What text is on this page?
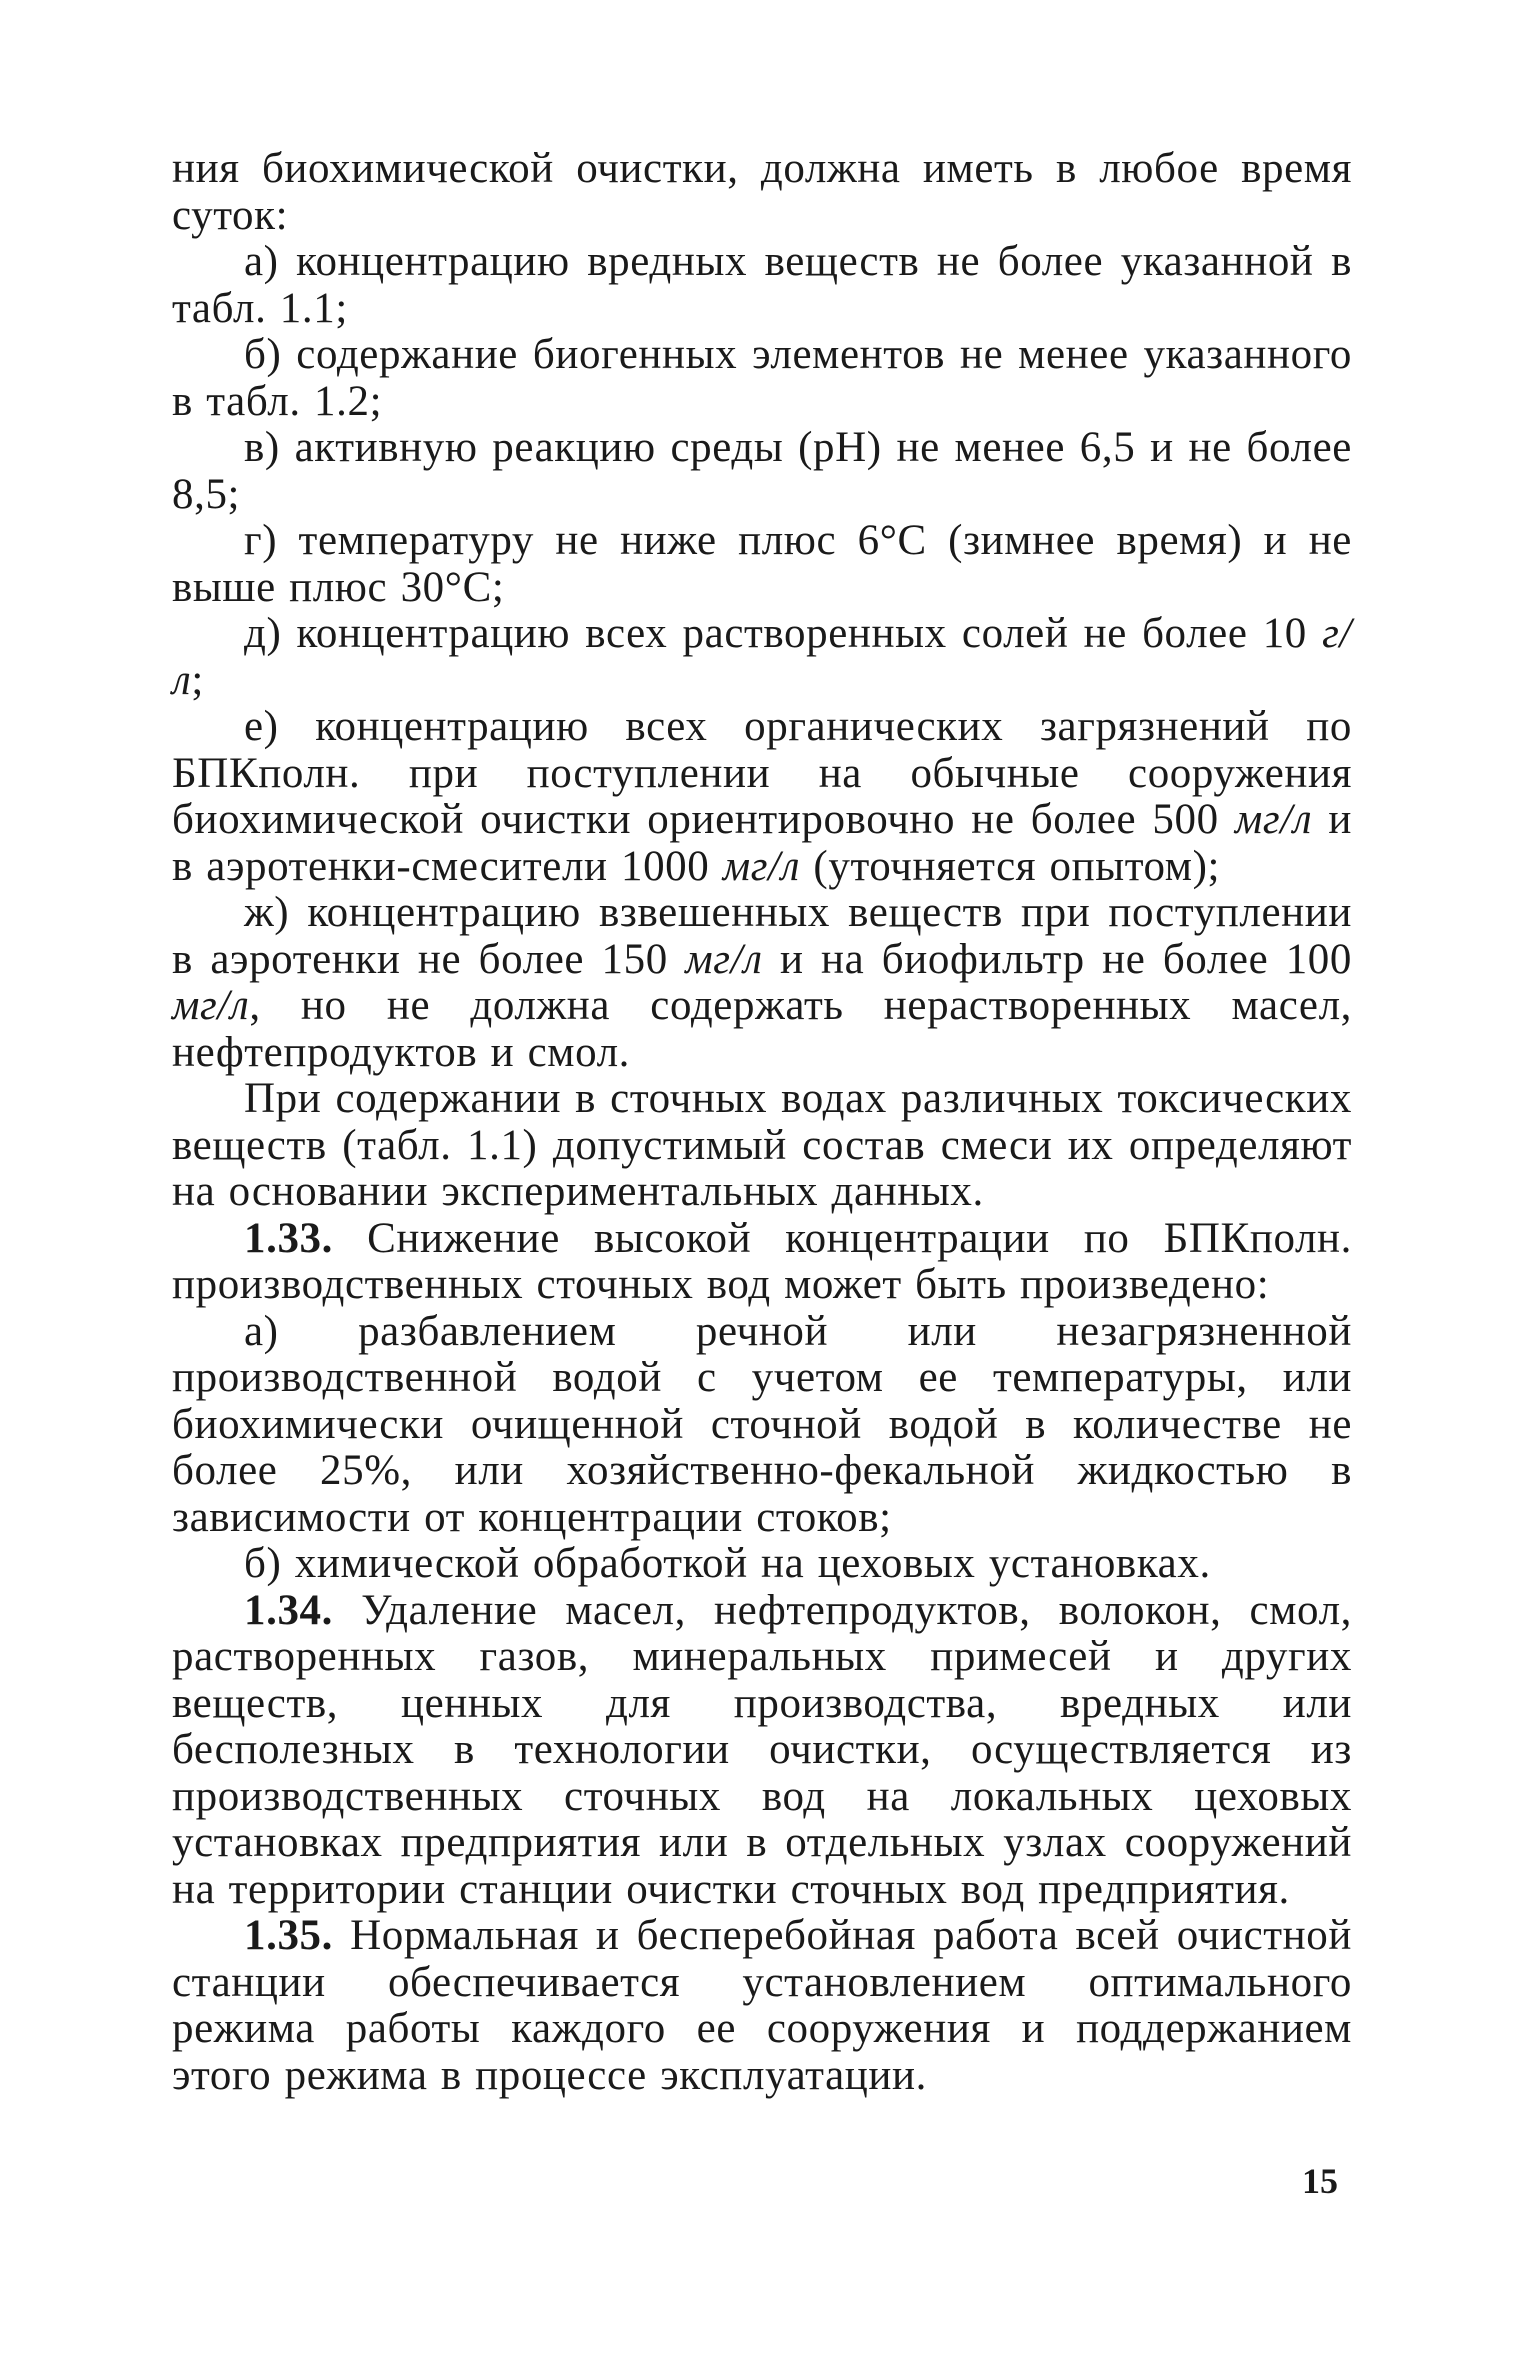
ния биохимической очистки, должна иметь в любое время суток:

а) концентрацию вредных веществ не более указанной в табл. 1.1;

б) содержание биогенных элементов не менее указанного в табл. 1.2;

в) активную реакцию среды (pH) не менее 6,5 и не более 8,5;

г) температуру не ниже плюс 6°С (зимнее время) и не выше плюс 30°С;

д) концентрацию всех растворенных солей не более 10 г/л;

е) концентрацию всех органических загрязнений по БПКполн. при поступлении на обычные сооружения биохимической очистки ориентировочно не более 500 мг/л и в аэротенки-смесители 1000 мг/л (уточняется опытом);

ж) концентрацию взвешенных веществ при поступлении в аэротенки не более 150 мг/л и на биофильтр не более 100 мг/л, но не должна содержать нерастворенных масел, нефтепродуктов и смол.

При содержании в сточных водах различных токсических веществ (табл. 1.1) допустимый состав смеси их определяют на основании экспериментальных данных.

1.33. Снижение высокой концентрации по БПКполн. производственных сточных вод может быть произведено:

а) разбавлением речной или незагрязненной производственной водой с учетом ее температуры, или биохимически очищенной сточной водой в количестве не более 25%, или хозяйственно-фекальной жидкостью в зависимости от концентрации стоков;

б) химической обработкой на цеховых установках.

1.34. Удаление масел, нефтепродуктов, волокон, смол, растворенных газов, минеральных примесей и других веществ, ценных для производства, вредных или бесполезных в технологии очистки, осуществляется из производственных сточных вод на локальных цеховых установках предприятия или в отдельных узлах сооружений на территории станции очистки сточных вод предприятия.

1.35. Нормальная и бесперебойная работа всей очистной станции обеспечивается установлением оптимального режима работы каждого ее сооружения и поддержанием этого режима в процессе эксплуатации.

15
